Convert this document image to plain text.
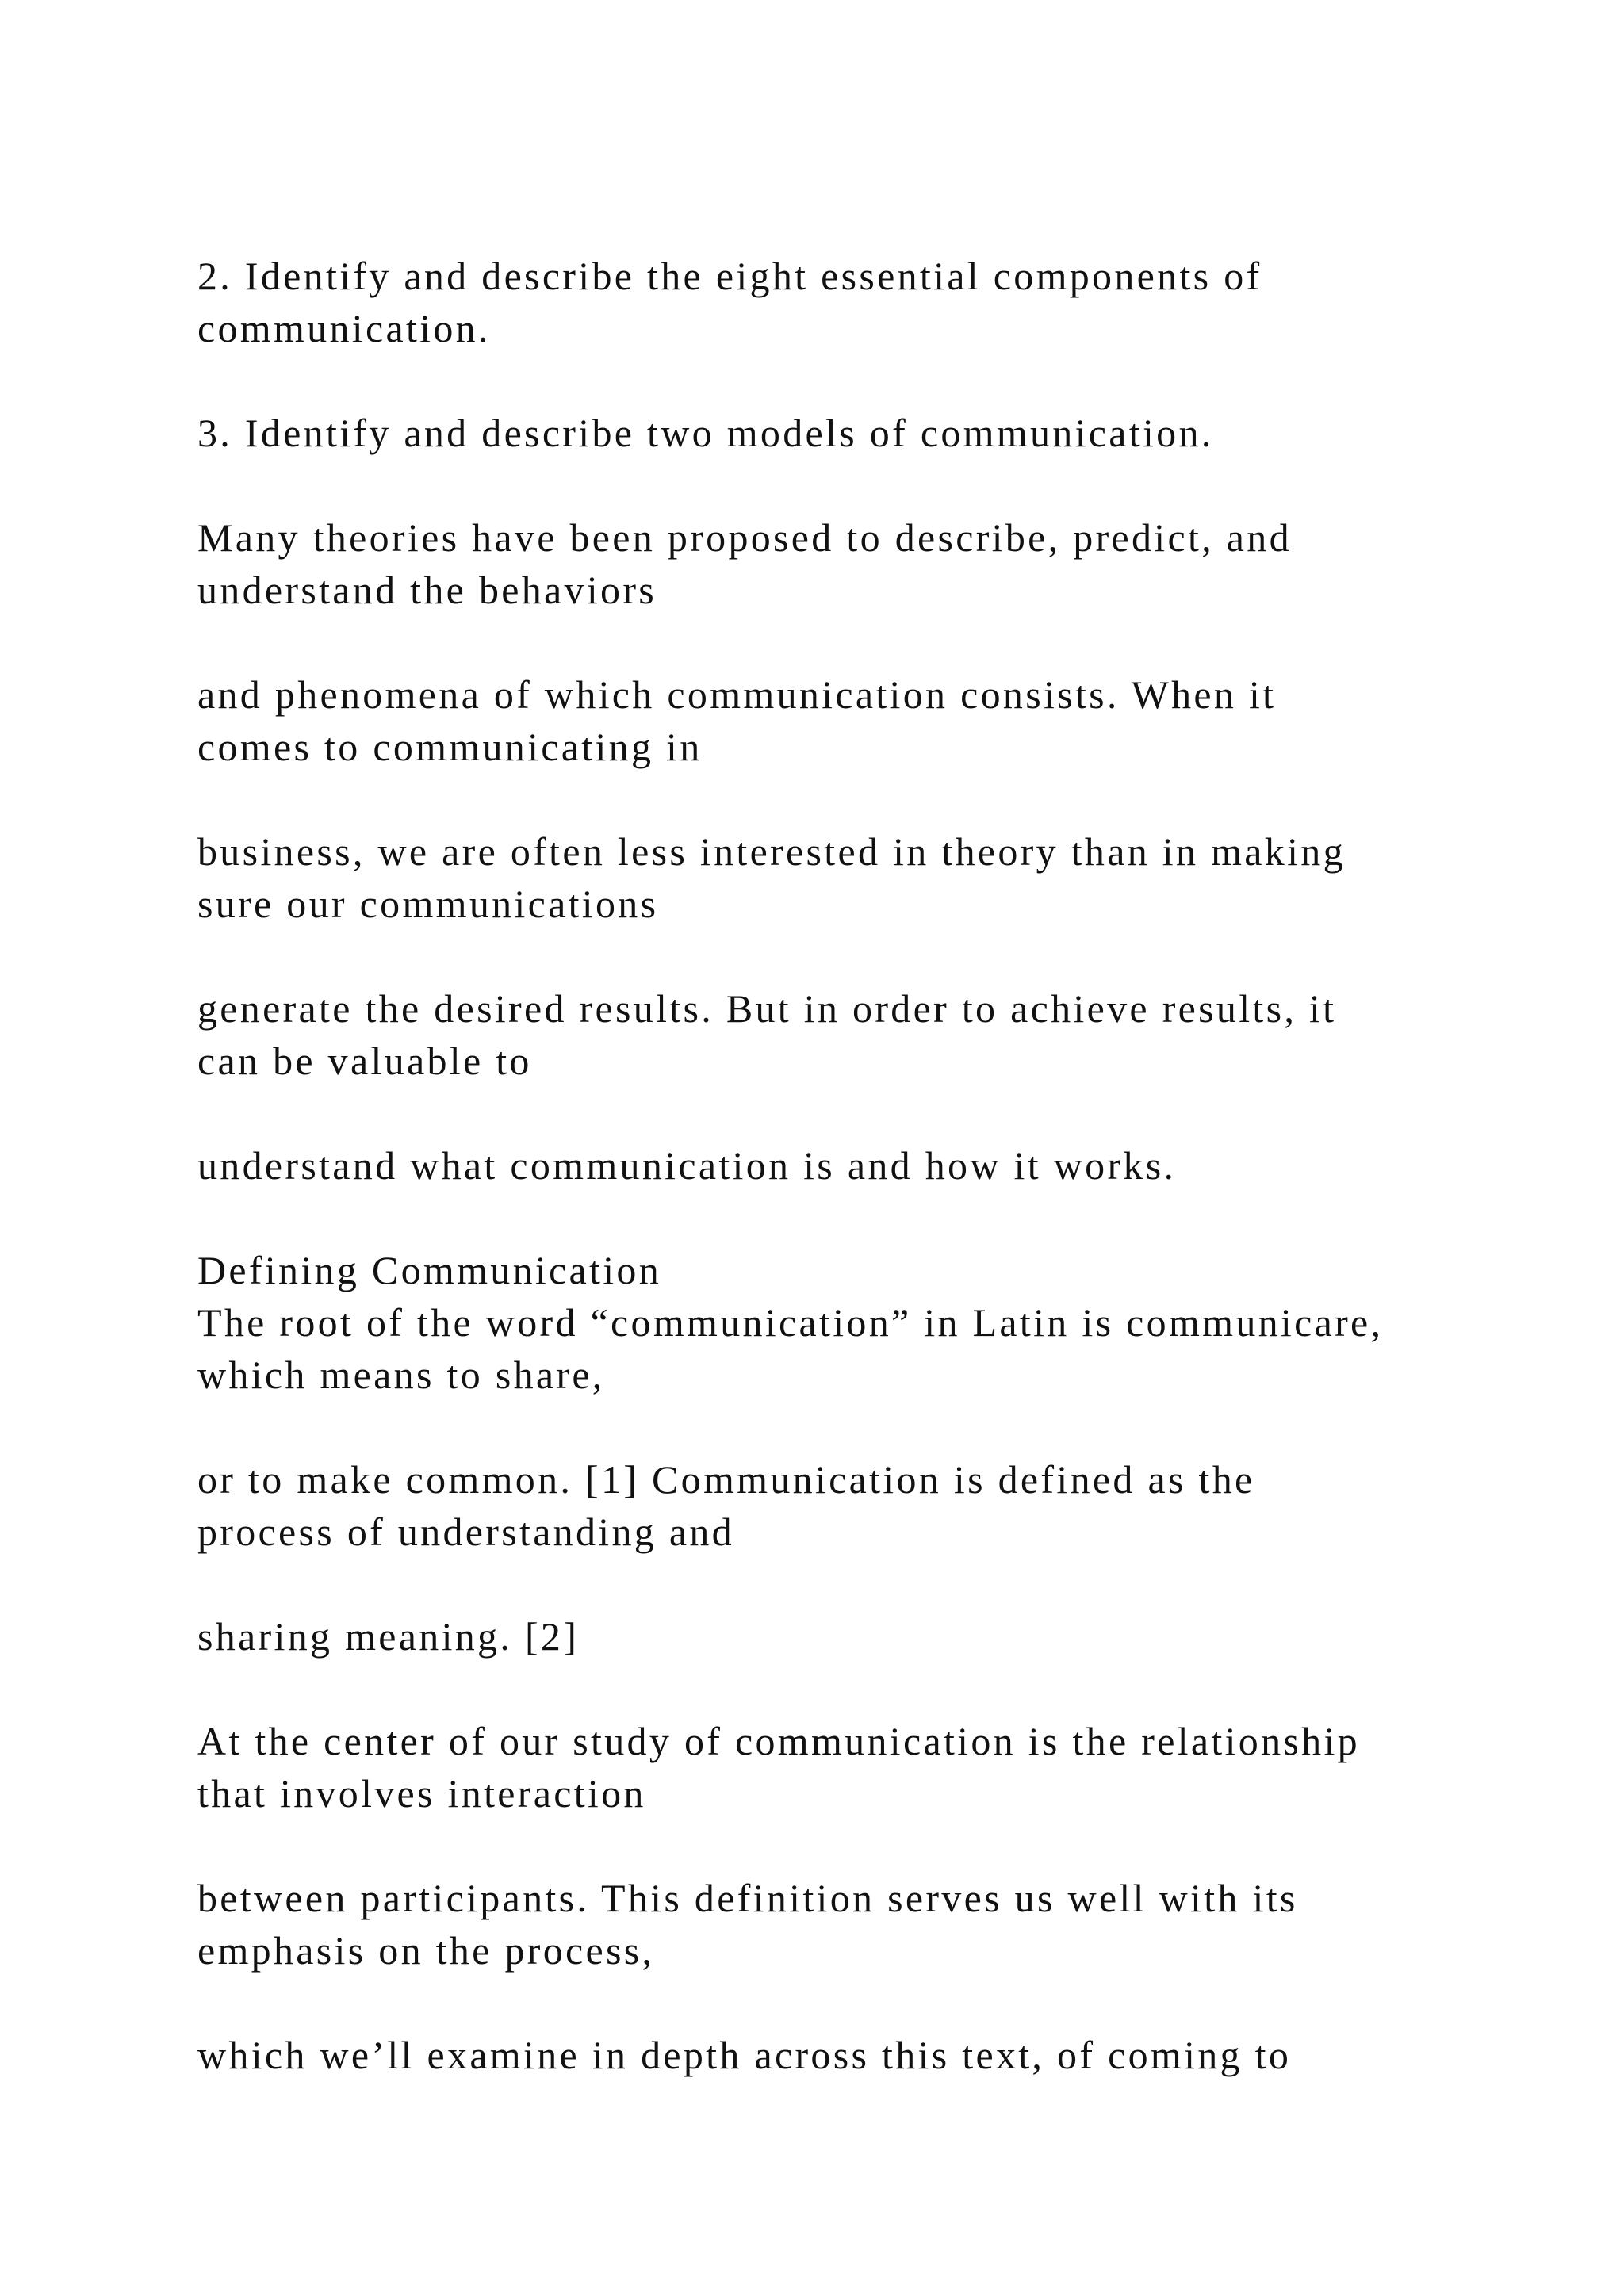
2. Identify and describe the eight essential components of

communication.

3. Identify and describe two models of communication.

Many theories have been proposed to describe, predict, and

understand the behaviors

and phenomena of which communication consists. When it

comes to communicating in

business, we are often less interested in theory than in making

sure our communications

generate the desired results. But in order to achieve results, it

can be valuable to

understand what communication is and how it works.

Defining Communication

The root of the word “communication” in Latin is communicare,

which means to share,

or to make common. [1] Communication is defined as the

process of understanding and

sharing meaning. [2]

At the center of our study of communication is the relationship

that involves interaction

between participants. This definition serves us well with its

emphasis on the process,

which we’ll examine in depth across this text, of coming to
